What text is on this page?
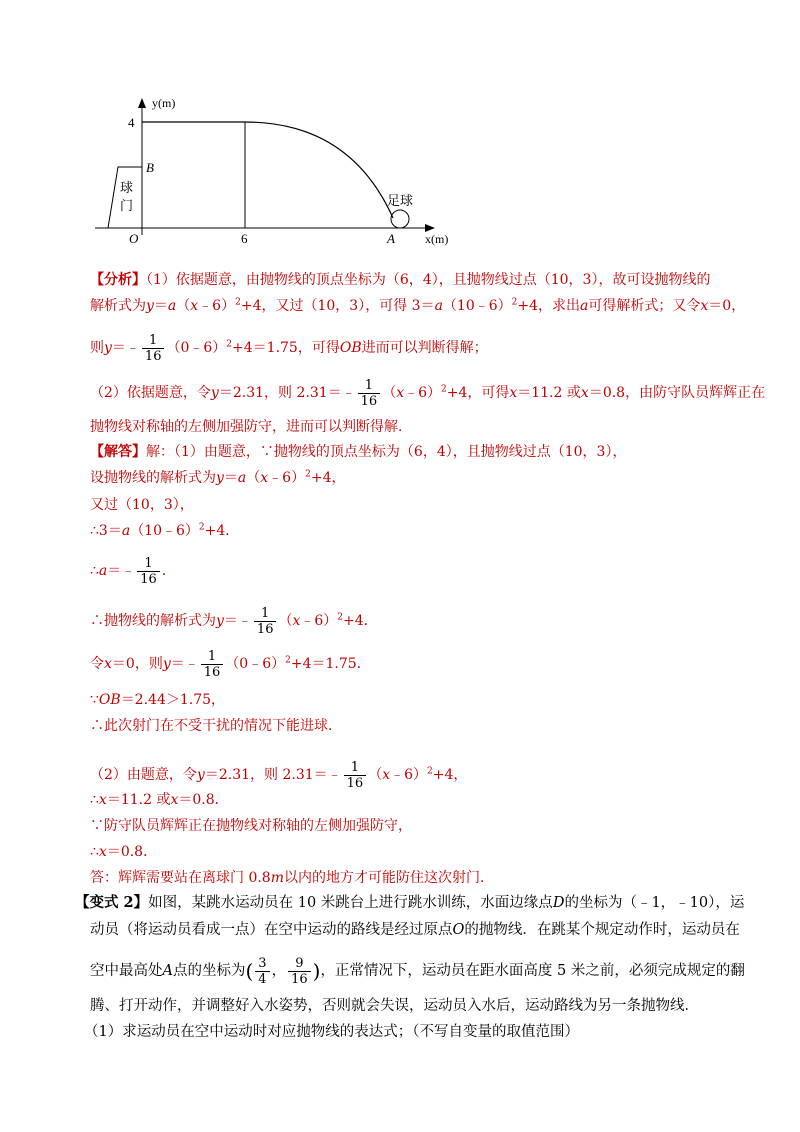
y(m)
x(m)
4
B
O	6	A
球
门	足球
【分析】（1）依据题意，由抛物线的顶点坐标为（6，4），且抛物线过点（10，3），故可设抛物线的
解析式为y＝a（x﹣6）$^2$+4，又过（10，3），可得 3＝a（10﹣6）$^2$+4，求出a可得解析式；又令x＝0，
则y＝﹣ $\frac{1}{16}$ （0﹣6）$^2$+4＝1.75，可得OB进而可以判断得解；
（2）依据题意，令y＝2.31，则 2.31＝﹣ $\frac{1}{16}$ （x﹣6）$^2$+4，可得x＝11.2 或x＝0.8，由防守队员辉辉正在
抛物线对称轴的左侧加强防守，进而可以判断得解．
【解答】解：（1）由题意，∵抛物线的顶点坐标为（6，4），且抛物线过点（10，3），
设抛物线的解析式为y＝a（x﹣6）$^2$+4，
又过（10，3），
∴3＝a（10﹣6）$^2$+4．
∴a＝﹣ $\frac{1}{16}$ ．
∴抛物线的解析式为y＝﹣ $\frac{1}{16}$ （x﹣6）$^2$+4．
令x＝0，则y＝﹣ $\frac{1}{16}$ （0﹣6）$^2$+4＝1.75．
∵OB＝2.44＞1.75，
∴此次射门在不受干扰的情况下能进球．
（2）由题意，令y＝2.31，则 2.31＝﹣ $\frac{1}{16}$ （x﹣6）$^2$+4，
∴x＝11.2 或x＝0.8．
∵防守队员辉辉正在抛物线对称轴的左侧加强防守，
∴x＝0.8．
答：辉辉需要站在离球门 0.8m以内的地方才可能防住这次射门．
【变式 2】如图，某跳水运动员在 10 米跳台上进行跳水训练，水面边缘点D的坐标为（﹣1，﹣10），运
动员（将运动员看成一点）在空中运动的路线是经过原点O的抛物线．在跳某个规定动作时，运动员在
空中最高处A点的坐标为( $\frac{3}{4}$ ， $\frac{9}{16}$ )，正常情况下，运动员在距水面高度 5 米之前，必须完成规定的翻
腾、打开动作，并调整好入水姿势，否则就会失误，运动员入水后，运动路线为另一条抛物线．
（1）求运动员在空中运动时对应抛物线的表达式；（不写自变量的取值范围）
